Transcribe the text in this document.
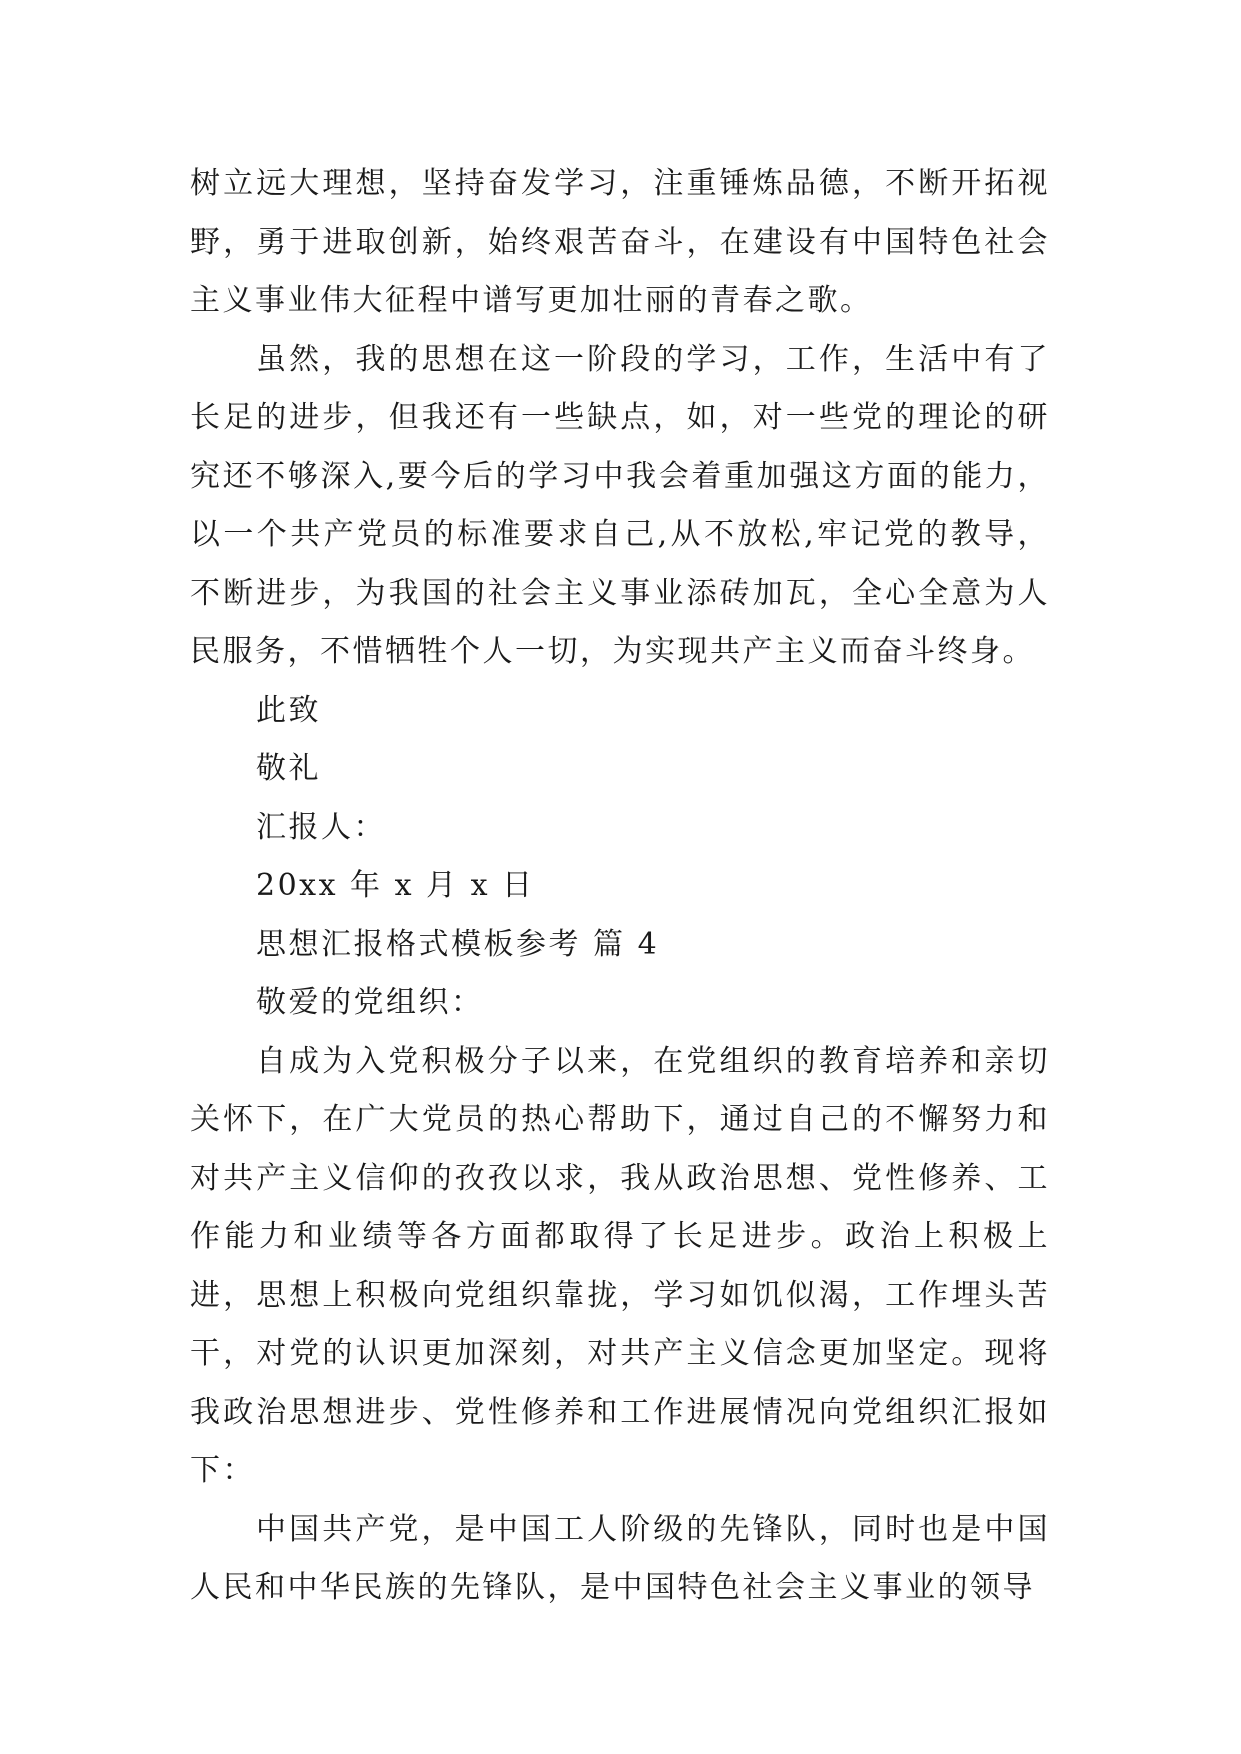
树立远大理想，坚持奋发学习，注重锤炼品德，不断开拓视野，勇于进取创新，始终艰苦奋斗，在建设有中国特色社会主义事业伟大征程中谱写更加壮丽的青春之歌。

虽然，我的思想在这一阶段的学习，工作，生活中有了长足的进步，但我还有一些缺点，如，对一些党的理论的研究还不够深入,要今后的学习中我会着重加强这方面的能力，以一个共产党员的标准要求自己,从不放松,牢记党的教导，不断进步，为我国的社会主义事业添砖加瓦，全心全意为人民服务，不惜牺牲个人一切，为实现共产主义而奋斗终身。

此致

敬礼

汇报人：

20xx 年 x 月 x 日

思想汇报格式模板参考 篇 4

敬爱的党组织：

自成为入党积极分子以来，在党组织的教育培养和亲切关怀下，在广大党员的热心帮助下，通过自己的不懈努力和对共产主义信仰的孜孜以求，我从政治思想、党性修养、工作能力和业绩等各方面都取得了长足进步。政治上积极上进，思想上积极向党组织靠拢，学习如饥似渴，工作埋头苦干，对党的认识更加深刻，对共产主义信念更加坚定。现将我政治思想进步、党性修养和工作进展情况向党组织汇报如下：

中国共产党，是中国工人阶级的先锋队，同时也是中国人民和中华民族的先锋队，是中国特色社会主义事业的领导
